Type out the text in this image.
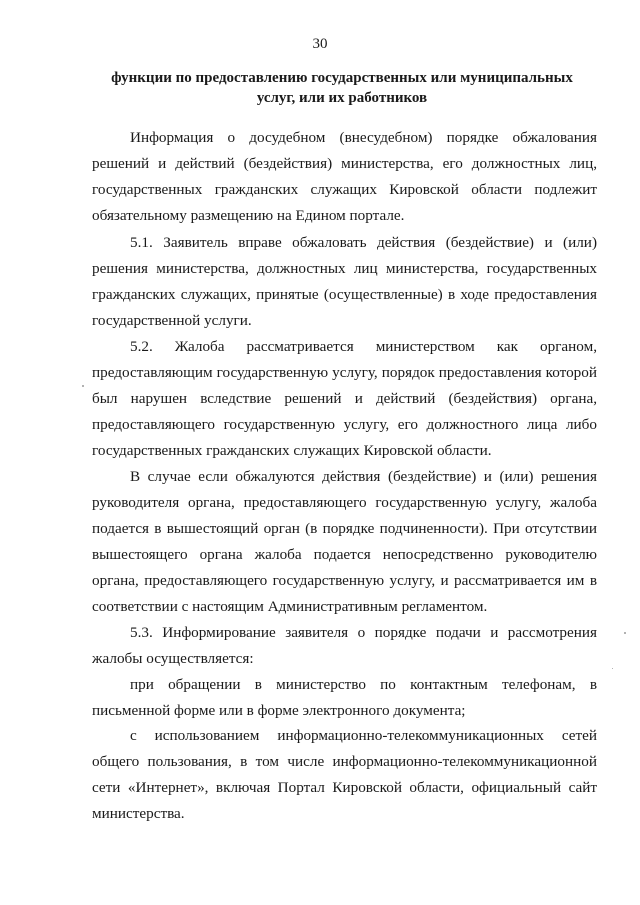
30
функции по предоставлению государственных или муниципальных
услуг, или их работников
Информация о досудебном (внесудебном) порядке обжалования
решений и действий (бездействия) министерства, его должностных лиц,
государственных гражданских служащих Кировской области подлежит
обязательному размещению на Едином портале.
5.1. Заявитель вправе обжаловать действия (бездействие) и (или)
решения министерства, должностных лиц министерства, государственных
гражданских служащих, принятые (осуществленные) в ходе предоставления
государственной услуги.
5.2. Жалоба рассматривается министерством как органом,
предоставляющим государственную услугу, порядок предоставления которой
был нарушен вследствие решений и действий (бездействия) органа,
предоставляющего государственную услугу, его должностного лица либо
государственных гражданских служащих Кировской области.
В случае если обжалуются действия (бездействие) и (или) решения
руководителя органа, предоставляющего государственную услугу, жалоба
подается в вышестоящий орган (в порядке подчиненности). При отсутствии
вышестоящего органа жалоба подается непосредственно руководителю
органа, предоставляющего государственную услугу, и рассматривается им в
соответствии с настоящим Административным регламентом.
5.3. Информирование заявителя о порядке подачи и рассмотрения
жалобы осуществляется:
при обращении в министерство по контактным телефонам, в
письменной форме или в форме электронного документа;
с использованием информационно-телекоммуникационных сетей
общего пользования, в том числе информационно-телекоммуникационной
сети «Интернет», включая Портал Кировской области, официальный сайт
министерства.
